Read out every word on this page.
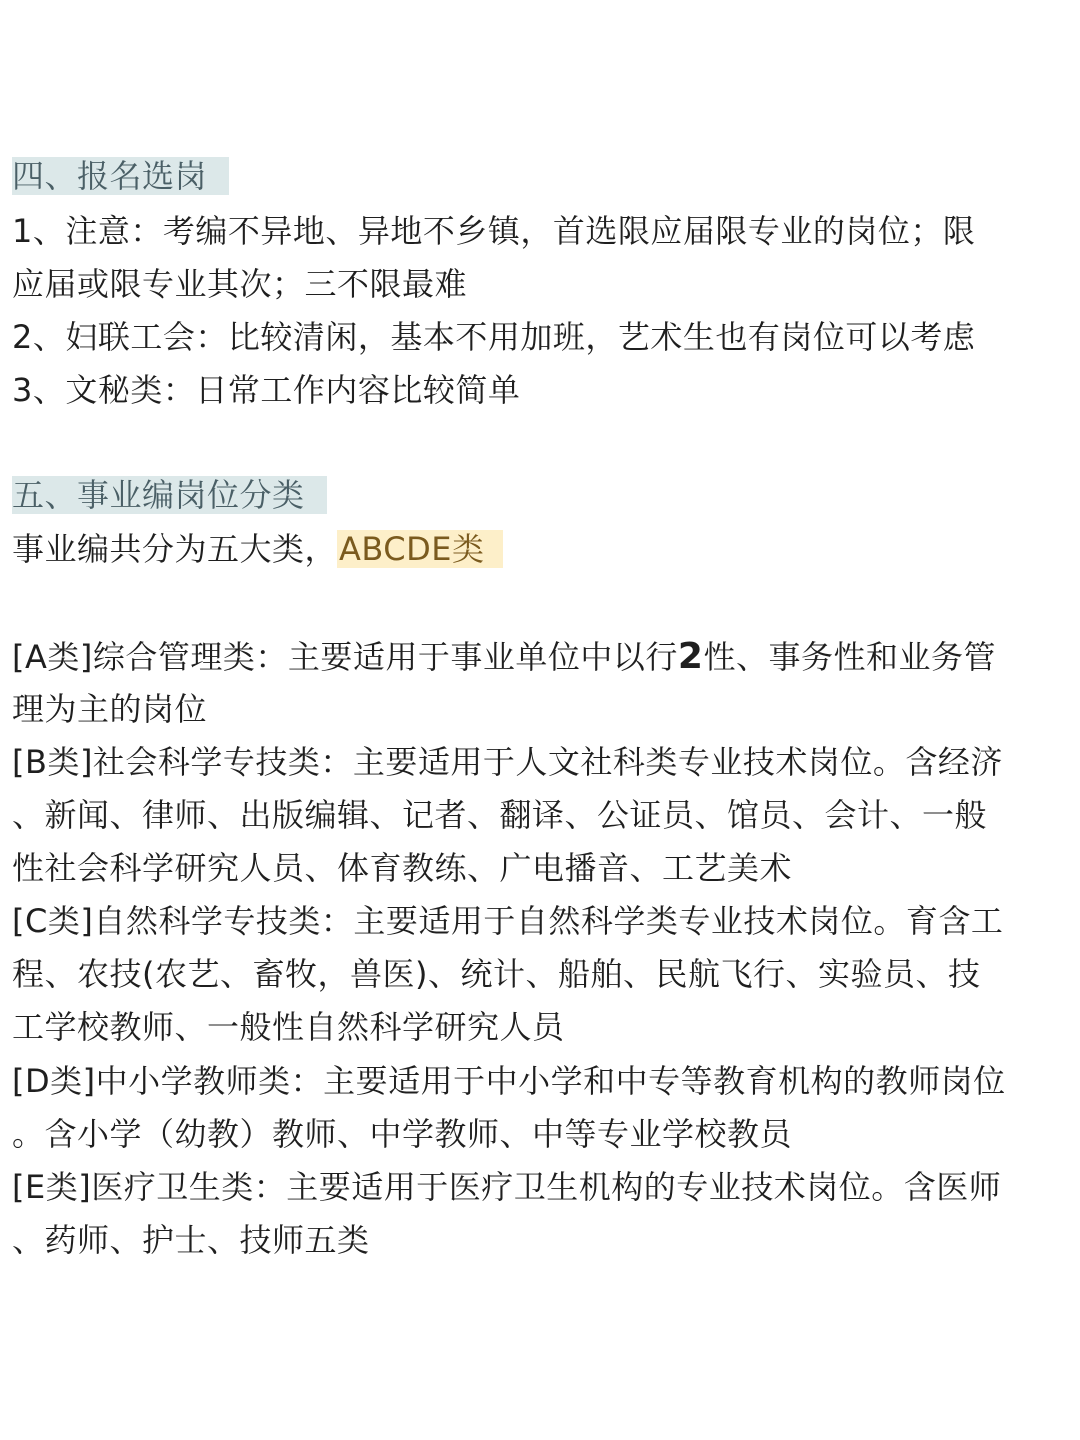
四、报名选岗
1、注意：考编不异地、异地不乡镇，首选限应届限专业的岗位；限
应届或限专业其次；三不限最难
2、妇联工会：比较清闲，基本不用加班，艺术生也有岗位可以考虑
3、文秘类：日常工作内容比较简单
五、事业编岗位分类
事业编共分为五大类，ABCDE类
[A类]综合管理类：主要适用于事业单位中以行2性、事务性和业务管
理为主的岗位
[B类]社会科学专技类：主要适用于人文社科类专业技术岗位。含经济
、新闻、律师、出版编辑、记者、翻译、公证员、馆员、会计、一般
性社会科学研究人员、体育教练、广电播音、工艺美术
[C类]自然科学专技类：主要适用于自然科学类专业技术岗位。育含工
程、农技(农艺、畜牧，兽医)、统计、船舶、民航飞行、实验员、技
工学校教师、一般性自然科学研究人员
[D类]中小学教师类：主要适用于中小学和中专等教育机构的教师岗位
。含小学（幼教）教师、中学教师、中等专业学校教员
[E类]医疗卫生类：主要适用于医疗卫生机构的专业技术岗位。含医师
、药师、护士、技师五类
